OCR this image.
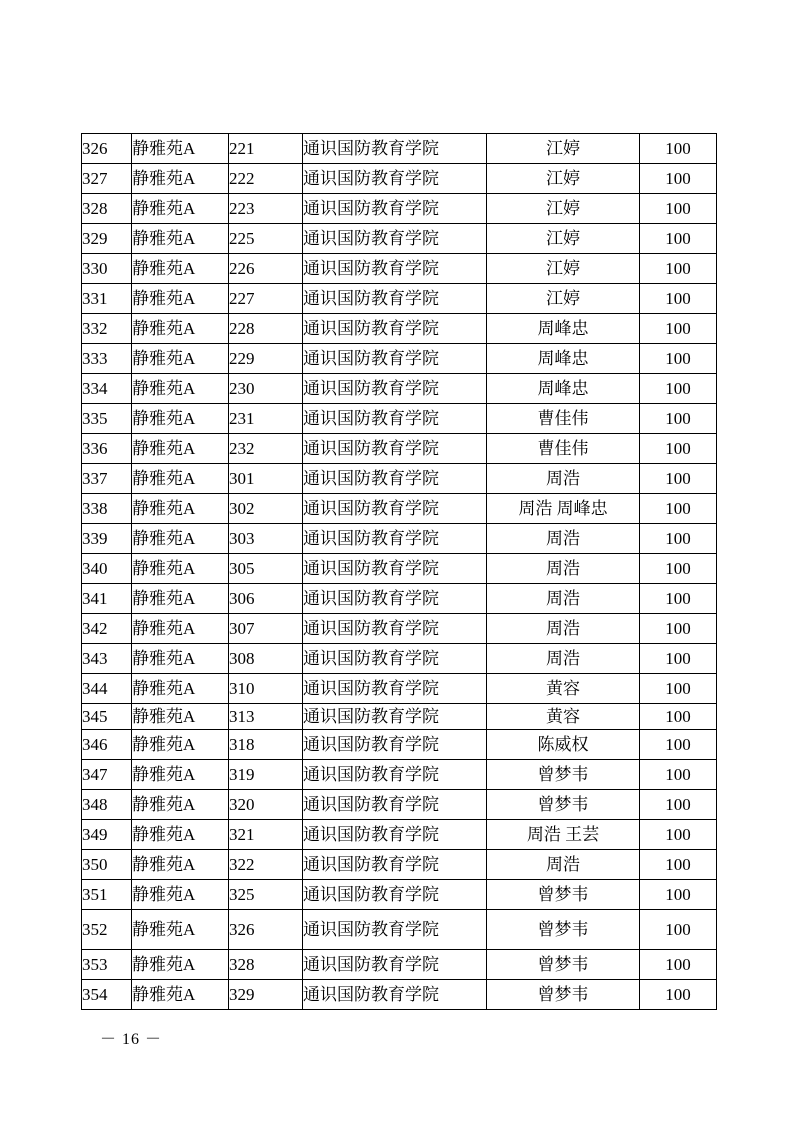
326	静雅苑A	221	通识国防教育学院	江婷	100
327	静雅苑A	222	通识国防教育学院	江婷	100
328	静雅苑A	223	通识国防教育学院	江婷	100
329	静雅苑A	225	通识国防教育学院	江婷	100
330	静雅苑A	226	通识国防教育学院	江婷	100
331	静雅苑A	227	通识国防教育学院	江婷	100
332	静雅苑A	228	通识国防教育学院	周峰忠	100
333	静雅苑A	229	通识国防教育学院	周峰忠	100
334	静雅苑A	230	通识国防教育学院	周峰忠	100
335	静雅苑A	231	通识国防教育学院	曹佳伟	100
336	静雅苑A	232	通识国防教育学院	曹佳伟	100
337	静雅苑A	301	通识国防教育学院	周浩	100
338	静雅苑A	302	通识国防教育学院	周浩 周峰忠	100
339	静雅苑A	303	通识国防教育学院	周浩	100
340	静雅苑A	305	通识国防教育学院	周浩	100
341	静雅苑A	306	通识国防教育学院	周浩	100
342	静雅苑A	307	通识国防教育学院	周浩	100
343	静雅苑A	308	通识国防教育学院	周浩	100
344	静雅苑A	310	通识国防教育学院	黄容	100
345	静雅苑A	313	通识国防教育学院	黄容	100
346	静雅苑A	318	通识国防教育学院	陈威权	100
347	静雅苑A	319	通识国防教育学院	曾梦韦	100
348	静雅苑A	320	通识国防教育学院	曾梦韦	100
349	静雅苑A	321	通识国防教育学院	周浩 王芸	100
350	静雅苑A	322	通识国防教育学院	周浩	100
351	静雅苑A	325	通识国防教育学院	曾梦韦	100
352	静雅苑A	326	通识国防教育学院	曾梦韦	100
353	静雅苑A	328	通识国防教育学院	曾梦韦	100
354	静雅苑A	329	通识国防教育学院	曾梦韦	100
－ 16 －
